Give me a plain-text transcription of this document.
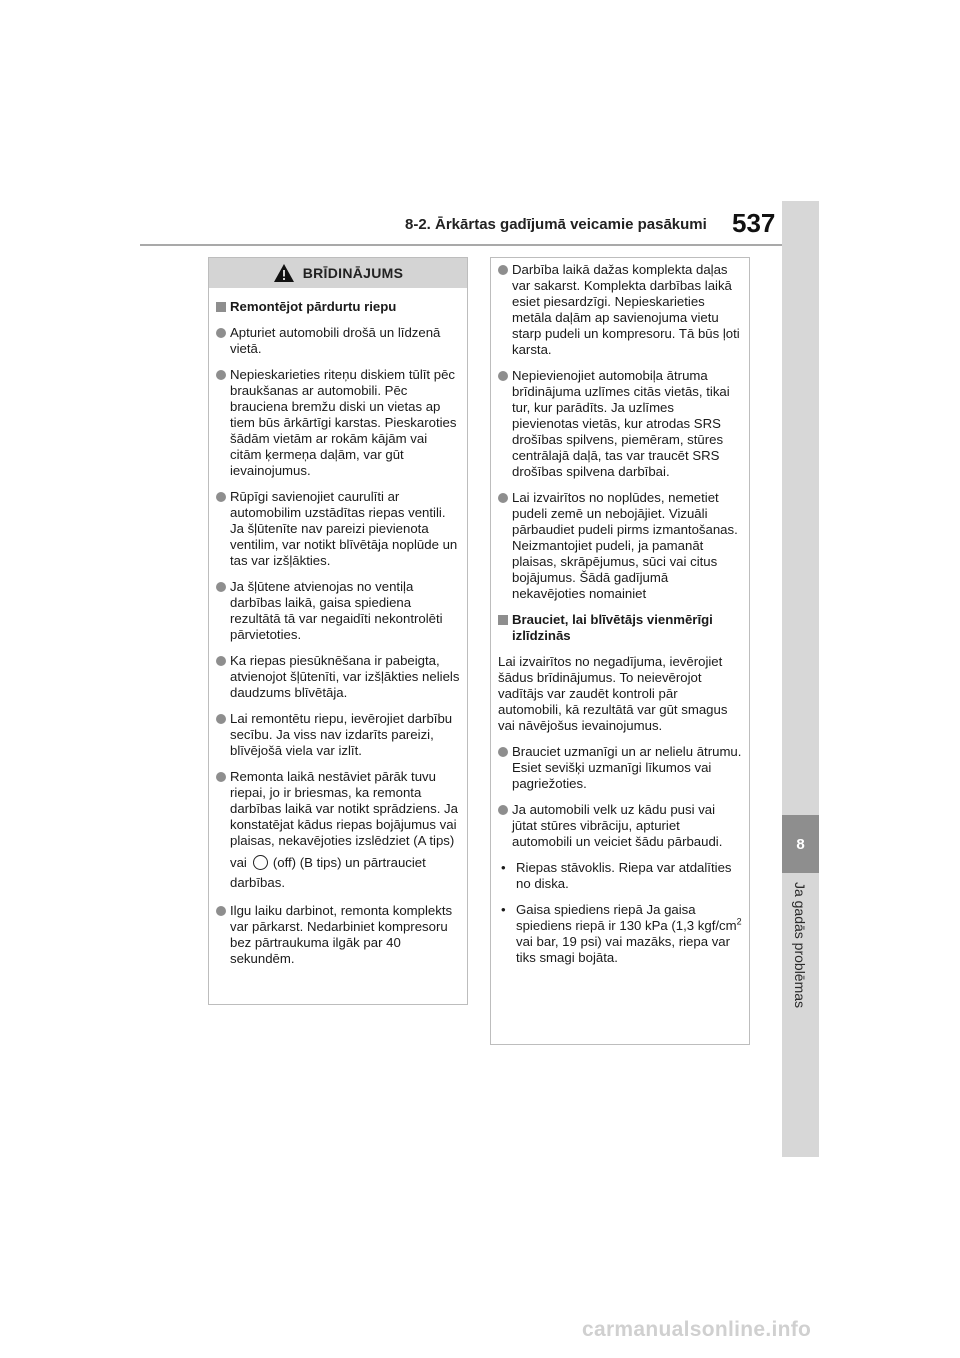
8-2. Ārkārtas gadījumā veicamie pasākumi 537
8
Ja gadās problēmas
BRĪDINĀJUMS
Remontējot pārdurtu riepu
Apturiet automobili drošā un līdzenā vietā.
Nepieskarieties riteņu diskiem tūlīt pēc braukšanas ar automobili. Pēc brauciena bremžu diski un vietas ap tiem būs ārkārtīgi karstas. Pieskaroties šādām vietām ar rokām kājām vai citām ķermeņa daļām, var gūt ievainojumus.
Rūpīgi savienojiet caurulīti ar automobilim uzstādītas riepas ventili. Ja šļūtenīte nav pareizi pievienota ventilim, var notikt blīvētāja noplūde un tas var izšļākties.
Ja šļūtene atvienojas no ventiļa darbības laikā, gaisa spiediena rezultātā tā var negaidīti nekontrolēti pārvietoties.
Ka riepas piesūknēšana ir pabeigta, atvienojot šļūtenīti, var izšļākties neliels daudzums blīvētāja.
Lai remontētu riepu, ievērojiet darbību secību. Ja viss nav izdarīts pareizi, blīvējošā viela var izlīt.
Remonta laikā nestāviet pārāk tuvu riepai, jo ir briesmas, ka remonta darbības laikā var notikt sprādziens. Ja konstatējat kādus riepas bojājumus vai plaisas, nekavējoties izslēdziet (A tips)
vai (off) (B tips) un pārtrauciet darbības.
Ilgu laiku darbinot, remonta komplekts var pārkarst. Nedarbiniet kompresoru bez pārtraukuma ilgāk par 40 sekundēm.
Darbība laikā dažas komplekta daļas var sakarst. Komplekta darbības laikā esiet piesardzīgi. Nepieskarieties metāla daļām ap savienojuma vietu starp pudeli un kompresoru. Tā būs ļoti karsta.
Nepievienojiet automobiļa ātruma brīdinājuma uzlīmes citās vietās, tikai tur, kur parādīts. Ja uzlīmes pievienotas vietās, kur atrodas SRS drošības spilvens, piemēram, stūres centrālajā daļā, tas var traucēt SRS drošības spilvena darbībai.
Lai izvairītos no noplūdes, nemetiet pudeli zemē un nebojājiet. Vizuāli pārbaudiet pudeli pirms izmantošanas. Neizmantojiet pudeli, ja pamanāt plaisas, skrāpējumus, sūci vai citus bojājumus. Šādā gadījumā nekavējoties nomainiet
Brauciet, lai blīvētājs vienmērīgi izlīdzinās
Lai izvairītos no negadījuma, ievērojiet šādus brīdinājumus. To neievērojot vadītājs var zaudēt kontroli pār automobili, kā rezultātā var gūt smagus vai nāvējošus ievainojumus.
Brauciet uzmanīgi un ar nelielu ātrumu. Esiet sevišķi uzmanīgi līkumos vai pagriežoties.
Ja automobili velk uz kādu pusi vai jūtat stūres vibrāciju, apturiet automobili un veiciet šādu pārbaudi.
• Riepas stāvoklis. Riepa var atdalīties no diska.
• Gaisa spiediens riepā Ja gaisa spiediens riepā ir 130 kPa (1,3 kgf/$cm^2$ vai bar, 19 psi) vai mazāks, riepa var tiks smagi bojāta.
carmanualsonline.info
